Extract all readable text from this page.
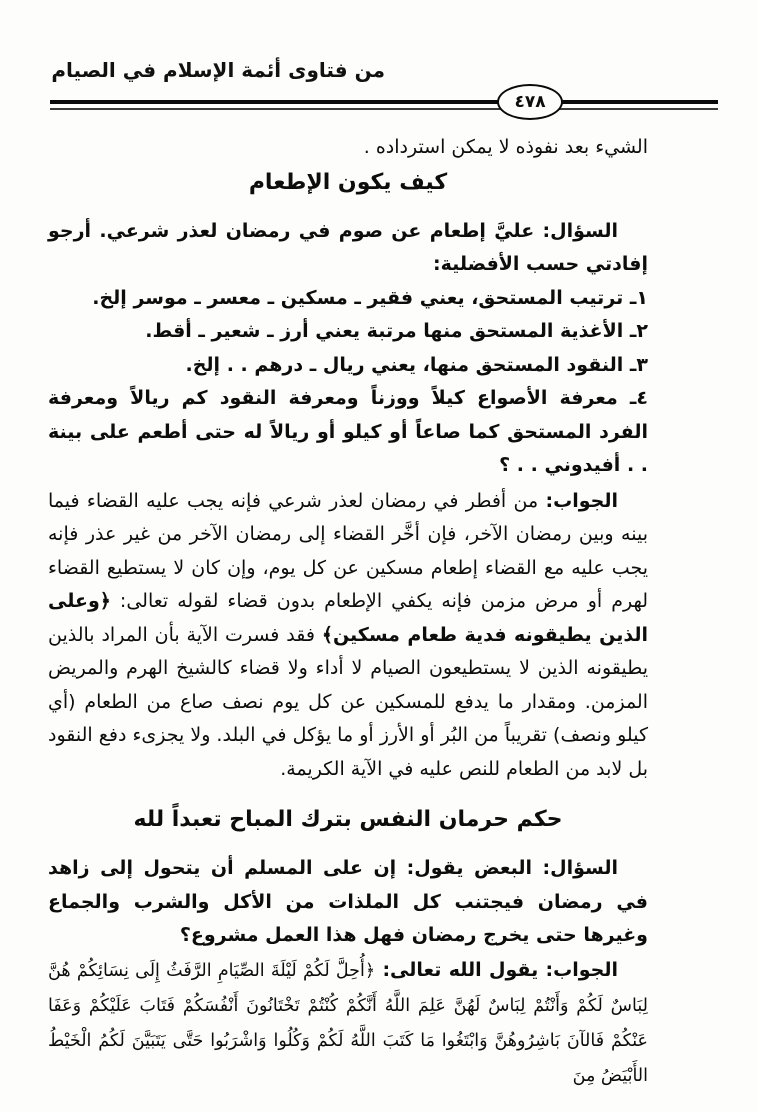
من فتاوى أئمة الإسلام في الصيام
٤٧٨

الشيء بعد نفوذه لا يمكن استرداده .

كيف يكون الإطعام

السؤال: عليَّ إطعام عن صوم في رمضان لعذر شرعي. أرجو إفادتي حسب الأفضلية:

١ـ ترتيب المستحق، يعني فقير ـ مسكين ـ معسر ـ موسر إلخ.
٢ـ الأغذية المستحق منها مرتبة يعني أرز ـ شعير ـ أقط.
٣ـ النقود المستحق منها، يعني ريال ـ درهم . . إلخ.
٤ـ معرفة الأصواع كيلاً ووزناً ومعرفة النقود كم ريالاً ومعرفة الفرد المستحق كما صاعاً أو كيلو أو ريالاً له حتى أطعم على بينة . . أفيدوني . . ؟

الجواب: من أفطر في رمضان لعذر شرعي فإنه يجب عليه القضاء فيما بينه وبين رمضان الآخر، فإن أخَّر القضاء إلى رمضان الآخر من غير عذر فإنه يجب عليه مع القضاء إطعام مسكين عن كل يوم، وإن كان لا يستطيع القضاء لهرم أو مرض مزمن فإنه يكفي الإطعام بدون قضاء لقوله تعالى: ﴿وعلى الذين يطيقونه فدية طعام مسكين﴾ فقد فسرت الآية بأن المراد بالذين يطيقونه الذين لا يستطيعون الصيام لا أداء ولا قضاء كالشيخ الهرم والمريض المزمن. ومقدار ما يدفع للمسكين عن كل يوم نصف صاع من الطعام (أي كيلو ونصف) تقريباً من البُر أو الأرز أو ما يؤكل في البلد. ولا يجزىء دفع النقود بل لابد من الطعام للنص عليه في الآية الكريمة.

حكم حرمان النفس بترك المباح تعبداً لله

السؤال: البعض يقول: إن على المسلم أن يتحول إلى زاهد في رمضان فيجتنب كل الملذات من الأكل والشرب والجماع وغيرها حتى يخرج رمضان فهل هذا العمل مشروع؟

الجواب: يقول الله تعالى: ﴿أُحِلَّ لَكُمْ لَيْلَةَ الصِّيَامِ الرَّفَثُ إِلَى نِسَائِكُمْ هُنَّ لِبَاسٌ لَكُمْ وَأَنْتُمْ لِبَاسٌ لَهُنَّ عَلِمَ اللَّهُ أَنَّكُمْ كُنْتُمْ تَخْتَانُونَ أَنْفُسَكُمْ فَتَابَ عَلَيْكُمْ وَعَفَا عَنْكُمْ فَالآنَ بَاشِرُوهُنَّ وَابْتَغُوا مَا كَتَبَ اللَّهُ لَكُمْ وَكُلُوا وَاشْرَبُوا حَتَّى يَتَبَيَّنَ لَكُمُ الْخَيْطُ الأَبْيَضُ مِنَ
